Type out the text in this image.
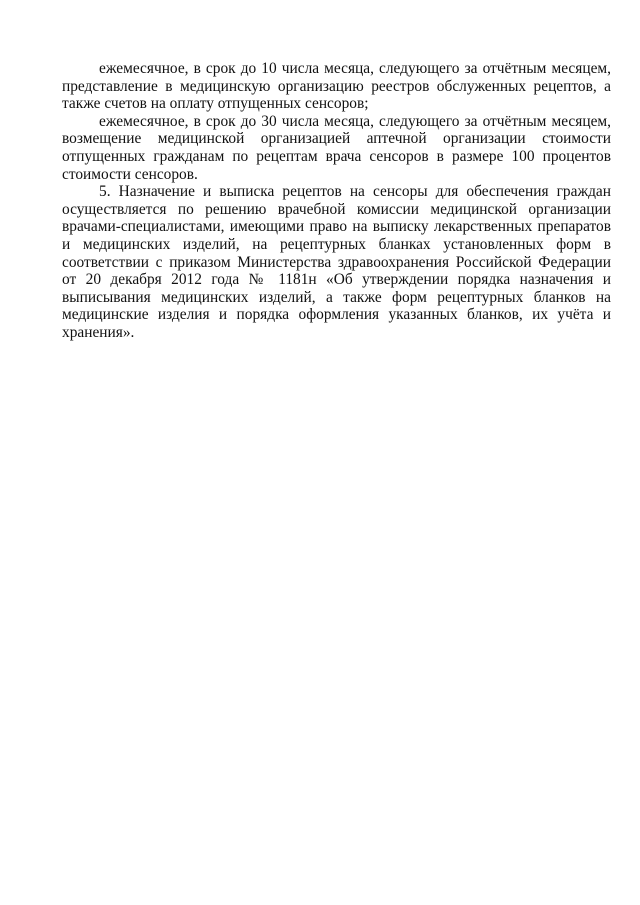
ежемесячное, в срок до 10 числа месяца, следующего за отчётным месяцем, представление в медицинскую организацию реестров обслуженных рецептов, а также счетов на оплату отпущенных сенсоров;

ежемесячное, в срок до 30 числа месяца, следующего за отчётным месяцем, возмещение медицинской организацией аптечной организации стоимости отпущенных гражданам по рецептам врача сенсоров в размере 100 процентов стоимости сенсоров.

5. Назначение и выписка рецептов на сенсоры для обеспечения граждан осуществляется по решению врачебной комиссии медицинской организации врачами-специалистами, имеющими право на выписку лекарственных препаратов и медицинских изделий, на рецептурных бланках установленных форм в соответствии с приказом Министерства здравоохранения Российской Федерации от 20 декабря 2012 года № 1181н «Об утверждении порядка назначения и выписывания медицинских изделий, а также форм рецептурных бланков на медицинские изделия и порядка оформления указанных бланков, их учёта и хранения».
